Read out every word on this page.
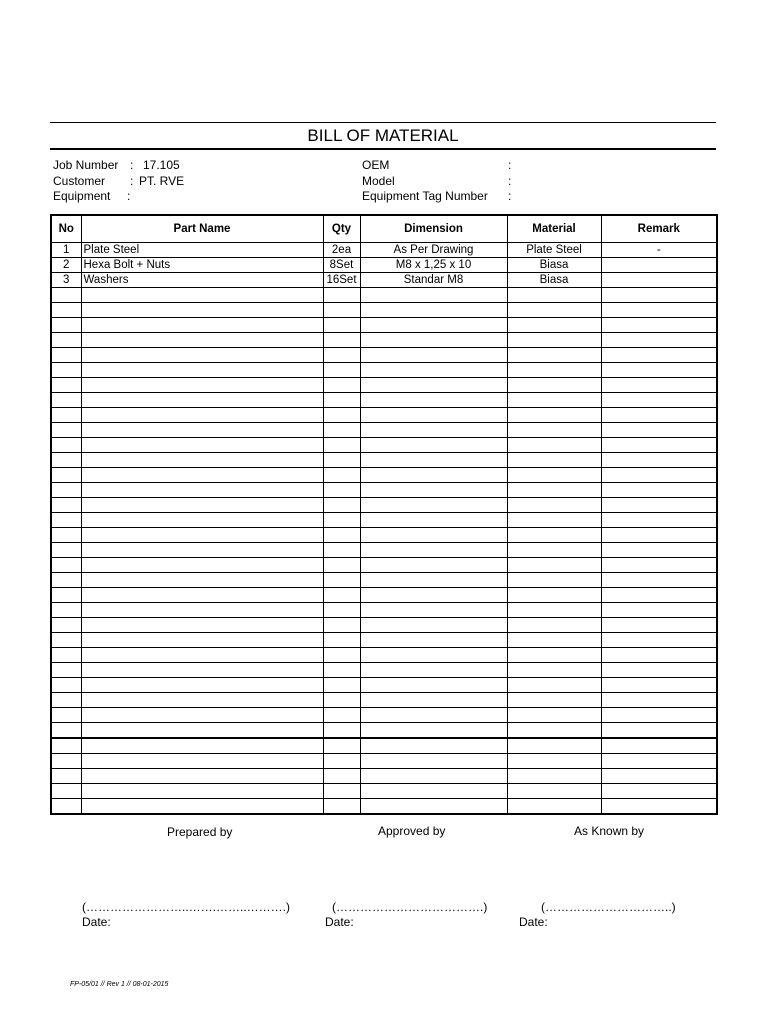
BILL OF MATERIAL
Job Number : 17.105
Customer : PT. RVE
Equipment :
OEM	:
Model	:
Equipment Tag Number :
No	Part Name	Qty	Dimension	Material	Remark
1	Plate Steel	2ea	As Per Drawing	Plate Steel	-
2	Hexa Bolt + Nuts	8Set	M8 x 1,25 x 10	Biasa	
3	Washers	16Set	Standar M8	Biasa	

Prepared by	Approved by	As Known by
(……………………..…….……..……….)	(……………………………….)	(…………………………..)
Date:	Date:	Date:
FP-05/01 // Rev 1 // 08-01-2015
